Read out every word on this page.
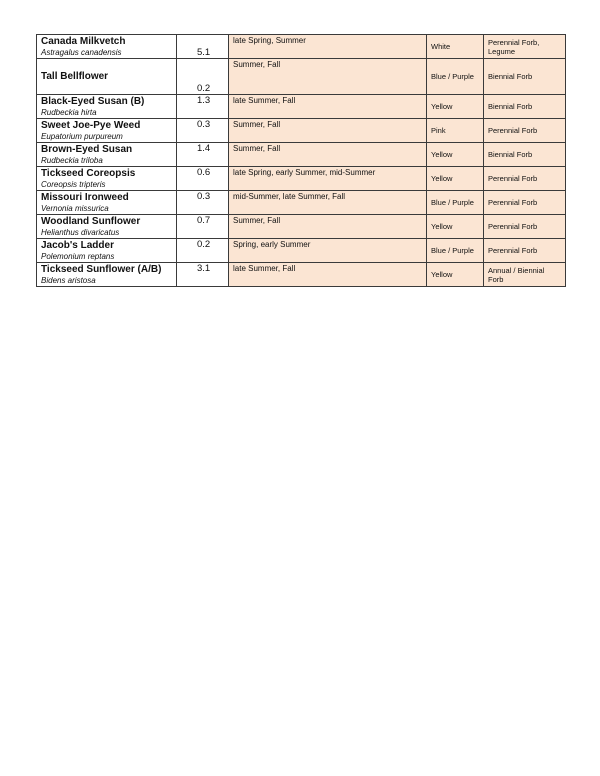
Canada Milkvetch
Astragalus canadensis	5.1	late Spring, Summer	White	Perennial Forb, Legume

Tall Bellflower	0.2	Summer, Fall	Blue / Purple	Biennial Forb

Black-Eyed Susan (B)
Rudbeckia hirta	1.3	late Summer, Fall	Yellow	Biennial Forb

Sweet Joe-Pye Weed
Eupatorium purpureum	0.3	Summer, Fall	Pink	Perennial Forb

Brown-Eyed Susan
Rudbeckia triloba	1.4	Summer, Fall	Yellow	Biennial Forb

Tickseed Coreopsis
Coreopsis tripteris	0.6	late Spring, early Summer, mid-Summer	Yellow	Perennial Forb

Missouri Ironweed
Vernonia missurica	0.3	mid-Summer, late Summer, Fall	Blue / Purple	Perennial Forb

Woodland Sunflower
Helianthus divaricatus	0.7	Summer, Fall	Yellow	Perennial Forb

Jacob's Ladder
Polemonium reptans	0.2	Spring, early Summer	Blue / Purple	Perennial Forb

Tickseed Sunflower (A/B)
Bidens aristosa	3.1	late Summer, Fall	Yellow	Annual / Biennial Forb
